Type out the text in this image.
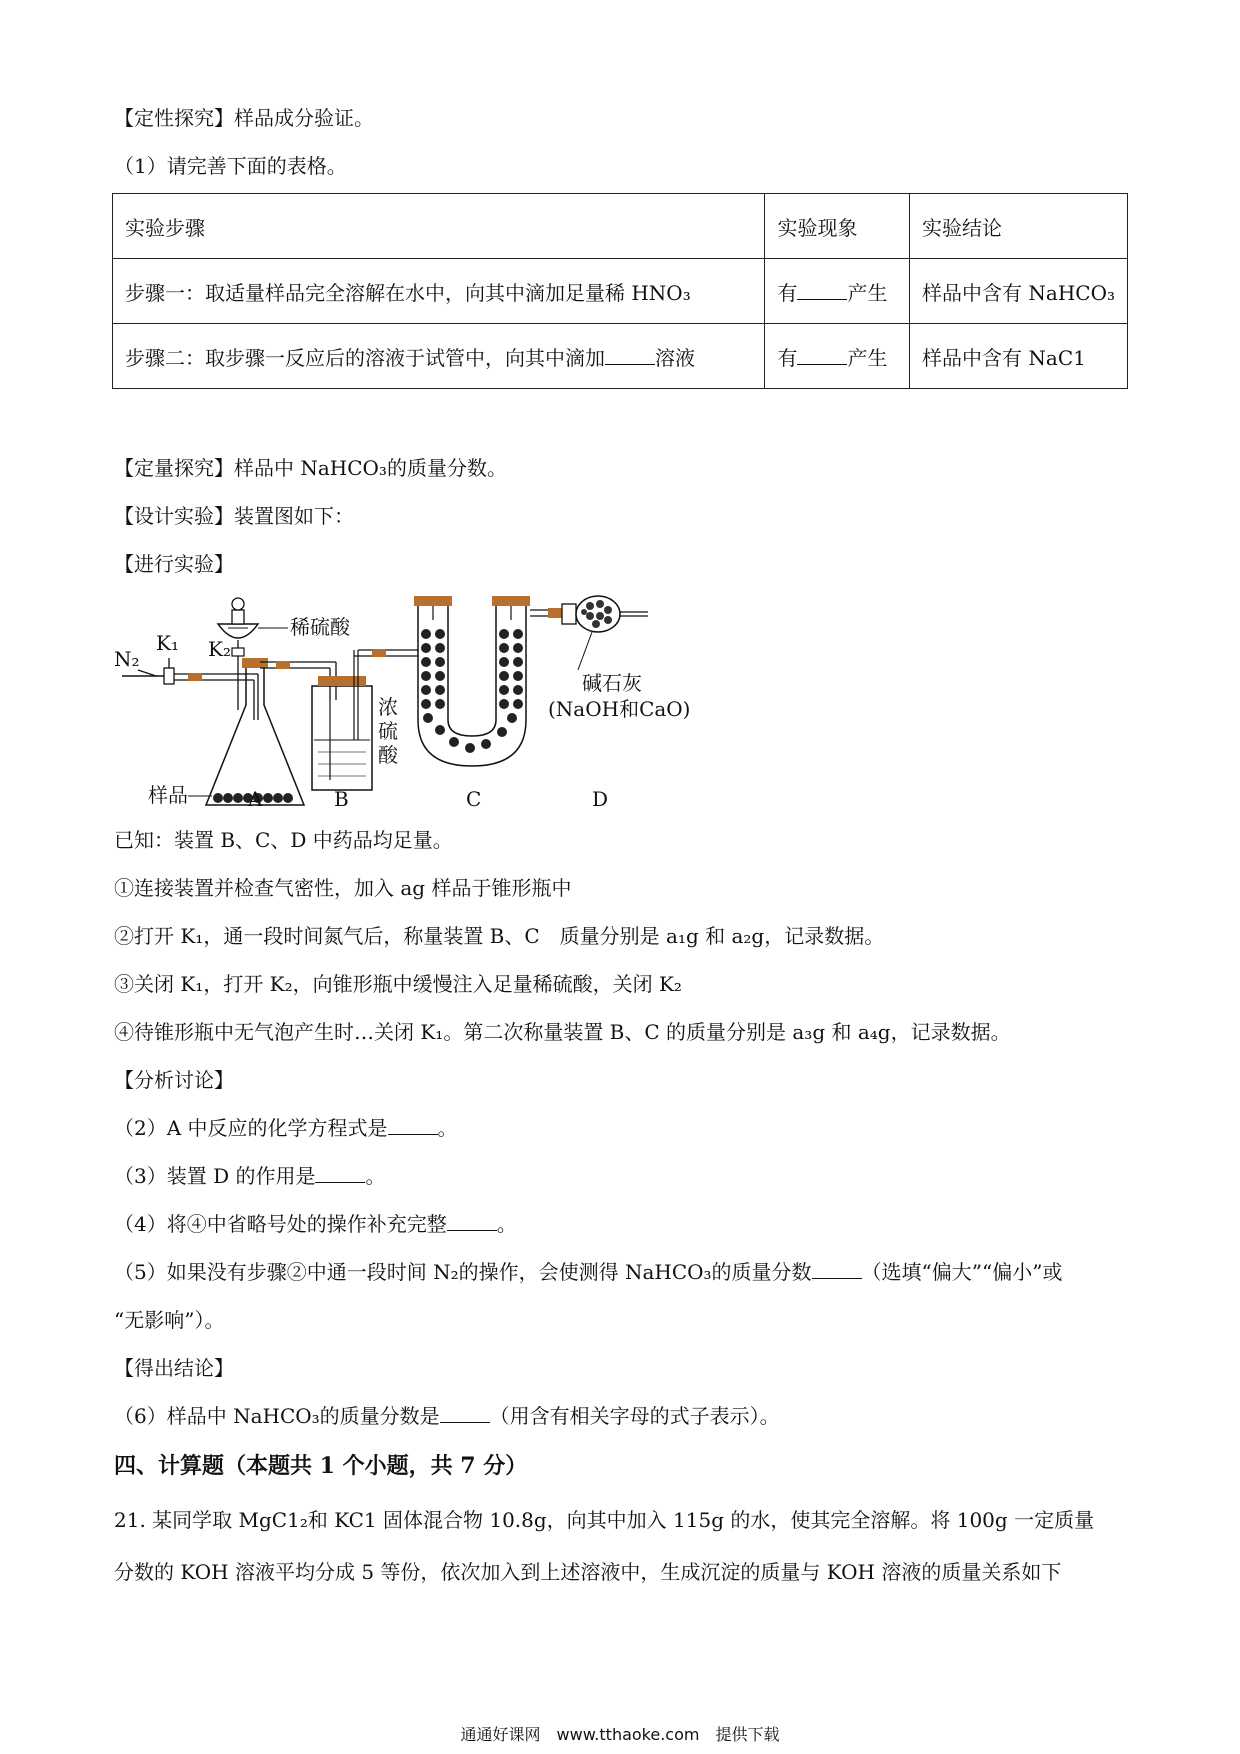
【定性探究】样品成分验证。
（1）请完善下面的表格。
实验步骤	实验现象	实验结论
步骤一：取适量样品完全溶解在水中，向其中滴加足量稀 HNO₃	有 产生	样品中含有 NaHCO₃
步骤二：取步骤一反应后的溶液于试管中，向其中滴加 溶液	有 产生	样品中含有 NaC1
【定量探究】样品中 NaHCO₃的质量分数。
【设计实验】装置图如下：
【进行实验】
N₂
K₁
样品
K₂
稀硫酸
浓
硫
酸
碱石灰
(NaOH和CaO)
A	B	C	D
已知：装置 B、C、D 中药品均足量。
①连接装置并检查气密性，加入 ag 样品于锥形瓶中
②打开 K₁，通一段时间氮气后，称量装置 B、C　质量分别是 a₁g 和 a₂g，记录数据。
③关闭 K₁，打开 K₂，向锥形瓶中缓慢注入足量稀硫酸，关闭 K₂
④待锥形瓶中无气泡产生时…关闭 K₁。第二次称量装置 B、C 的质量分别是 a₃g 和 a₄g，记录数据。
【分析讨论】
（2）A 中反应的化学方程式是	。
（3）装置 D 的作用是	。
（4）将④中省略号处的操作补充完整	。
（5）如果没有步骤②中通一段时间 N₂的操作，会使测得 NaHCO₃的质量分数	（选填“偏大”“偏小”或
“无影响”）。
【得出结论】
（6）样品中 NaHCO₃的质量分数是	（用含有相关字母的式子表示）。
四、计算题（本题共 1 个小题，共 7 分）
21. 某同学取 MgC1₂和 KC1 固体混合物 10.8g，向其中加入 115g 的水，使其完全溶解。将 100g 一定质量
分数的 KOH 溶液平均分成 5 等份，依次加入到上述溶液中，生成沉淀的质量与 KOH 溶液的质量关系如下
通通好课网　www.tthaoke.com　提供下载
